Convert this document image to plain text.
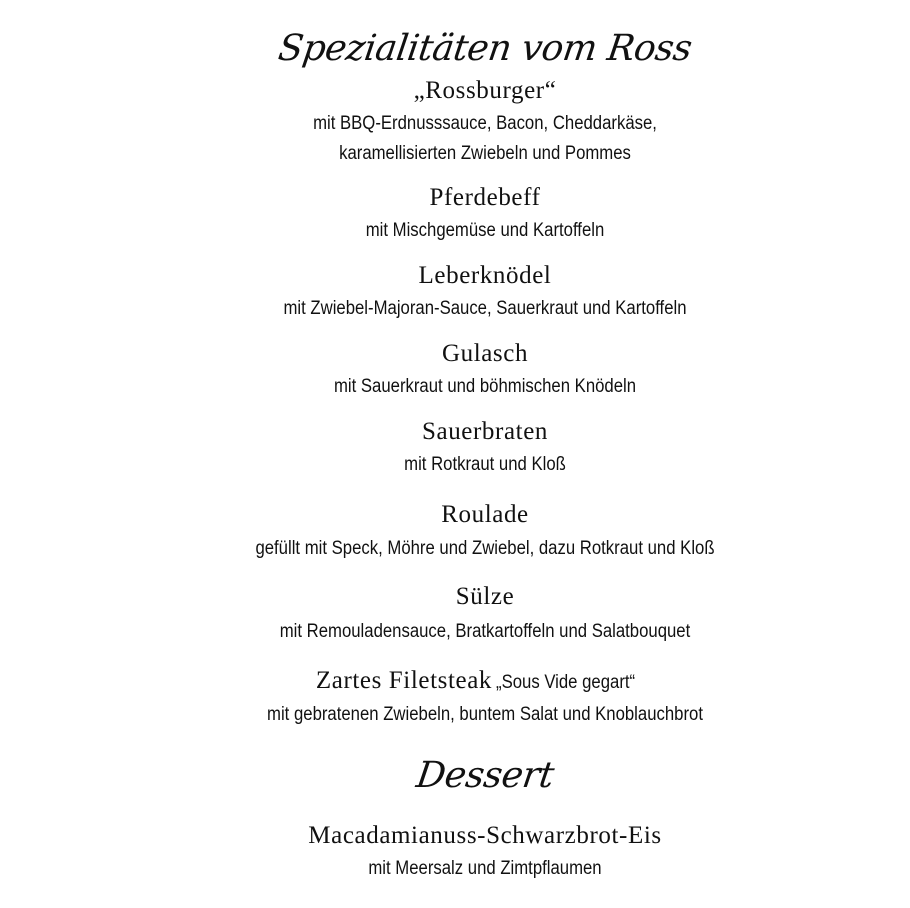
Spezialitäten vom Ross
„Rossburger“
mit BBQ-Erdnusssauce, Bacon, Cheddarkäse,
karamellisierten Zwiebeln und Pommes
Pferdebeff
mit Mischgemüse und Kartoffeln
Leberknödel
mit Zwiebel-Majoran-Sauce, Sauerkraut und Kartoffeln
Gulasch
mit Sauerkraut und böhmischen Knödeln
Sauerbraten
mit Rotkraut und Kloß
Roulade
gefüllt mit Speck, Möhre und Zwiebel, dazu Rotkraut und Kloß
Sülze
mit Remouladensauce, Bratkartoffeln und Salatbouquet
Zartes Filetsteak „Sous Vide gegart“
mit gebratenen Zwiebeln, buntem Salat und Knoblauchbrot
Dessert
Macadamianuss-Schwarzbrot-Eis
mit Meersalz und Zimtpflaumen
